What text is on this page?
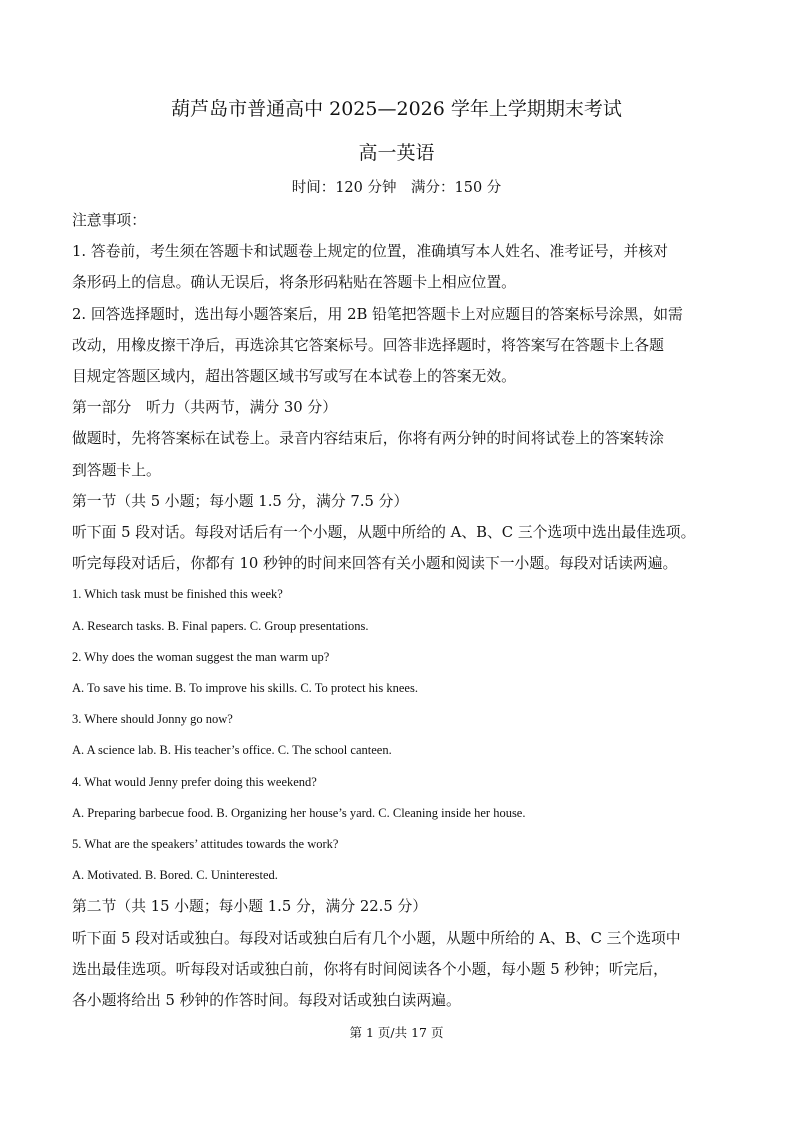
葫芦岛市普通高中 2025—2026 学年上学期期末考试
高一英语
时间：120 分钟　满分：150 分

注意事项：

1. 答卷前，考生须在答题卡和试题卷上规定的位置，准确填写本人姓名、准考证号，并核对

条形码上的信息。确认无误后，将条形码粘贴在答题卡上相应位置。

2. 回答选择题时，选出每小题答案后，用 2B 铅笔把答题卡上对应题目的答案标号涂黑，如需

改动，用橡皮擦干净后，再选涂其它答案标号。回答非选择题时，将答案写在答题卡上各题

目规定答题区域内，超出答题区域书写或写在本试卷上的答案无效。

第一部分　听力（共两节，满分 30 分）

做题时，先将答案标在试卷上。录音内容结束后，你将有两分钟的时间将试卷上的答案转涂

到答题卡上。

第一节（共 5 小题；每小题 1.5 分，满分 7.5 分）

听下面 5 段对话。每段对话后有一个小题，从题中所给的 A、B、C 三个选项中选出最佳选项。

听完每段对话后，你都有 10 秒钟的时间来回答有关小题和阅读下一小题。每段对话读两遍。

1. Which task must be finished this week?

A. Research tasks. B. Final papers. C. Group presentations.

2. Why does the woman suggest the man warm up?

A. To save his time. B. To improve his skills. C. To protect his knees.

3. Where should Jonny go now?

A. A science lab. B. His teacher’s office. C. The school canteen.

4. What would Jenny prefer doing this weekend?

A. Preparing barbecue food. B. Organizing her house’s yard. C. Cleaning inside her house.

5. What are the speakers’ attitudes towards the work?

A. Motivated. B. Bored. C. Uninterested.

第二节（共 15 小题；每小题 1.5 分，满分 22.5 分）

听下面 5 段对话或独白。每段对话或独白后有几个小题，从题中所给的 A、B、C 三个选项中

选出最佳选项。听每段对话或独白前，你将有时间阅读各个小题，每小题 5 秒钟；听完后，

各小题将给出 5 秒钟的作答时间。每段对话或独白读两遍。

第 1 页/共 17 页
